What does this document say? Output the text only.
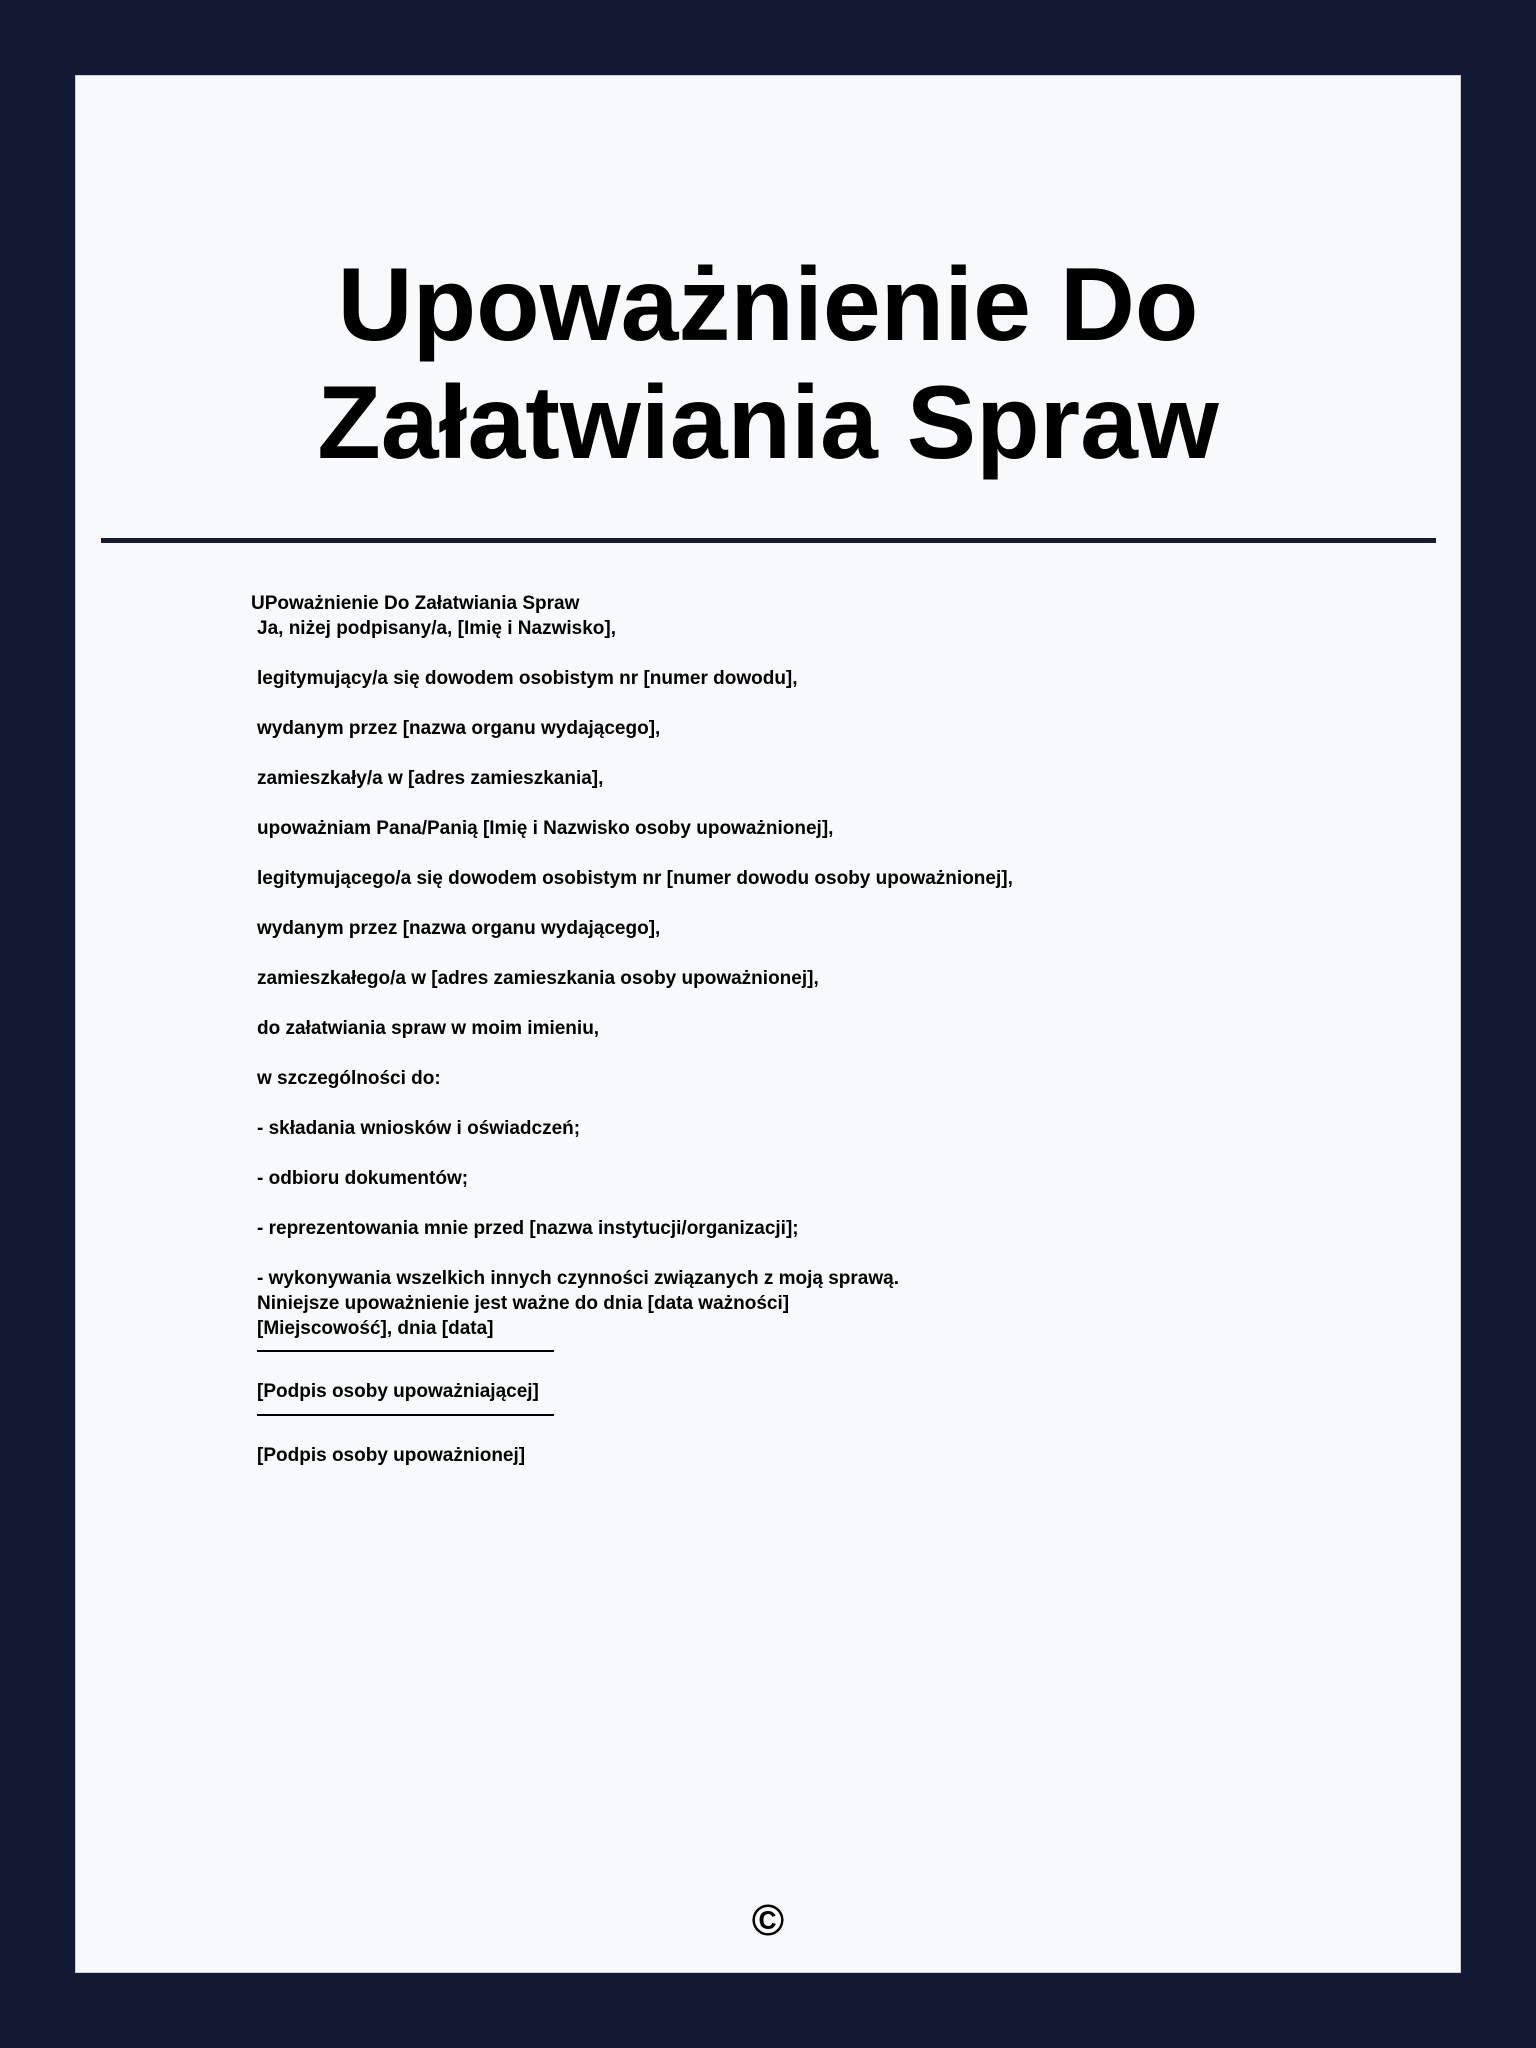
Upoważnienie Do Załatwiania Spraw
UPoważnienie Do Załatwiania Spraw
Ja, niżej podpisany/a, [Imię i Nazwisko],
legitymujący/a się dowodem osobistym nr [numer dowodu],
wydanym przez [nazwa organu wydającego],
zamieszkały/a w [adres zamieszkania],
upoważniam Pana/Panią [Imię i Nazwisko osoby upoważnionej],
legitymującego/a się dowodem osobistym nr [numer dowodu osoby upoważnionej],
wydanym przez [nazwa organu wydającego],
zamieszkałego/a w [adres zamieszkania osoby upoważnionej],
do załatwiania spraw w moim imieniu,
w szczególności do:
- składania wniosków i oświadczeń;
- odbioru dokumentów;
- reprezentowania mnie przed [nazwa instytucji/organizacji];
- wykonywania wszelkich innych czynności związanych z moją sprawą.
Niniejsze upoważnienie jest ważne do dnia [data ważności]
[Miejscowość], dnia [data]
[Podpis osoby upoważniającej]
[Podpis osoby upoważnionej]
©
